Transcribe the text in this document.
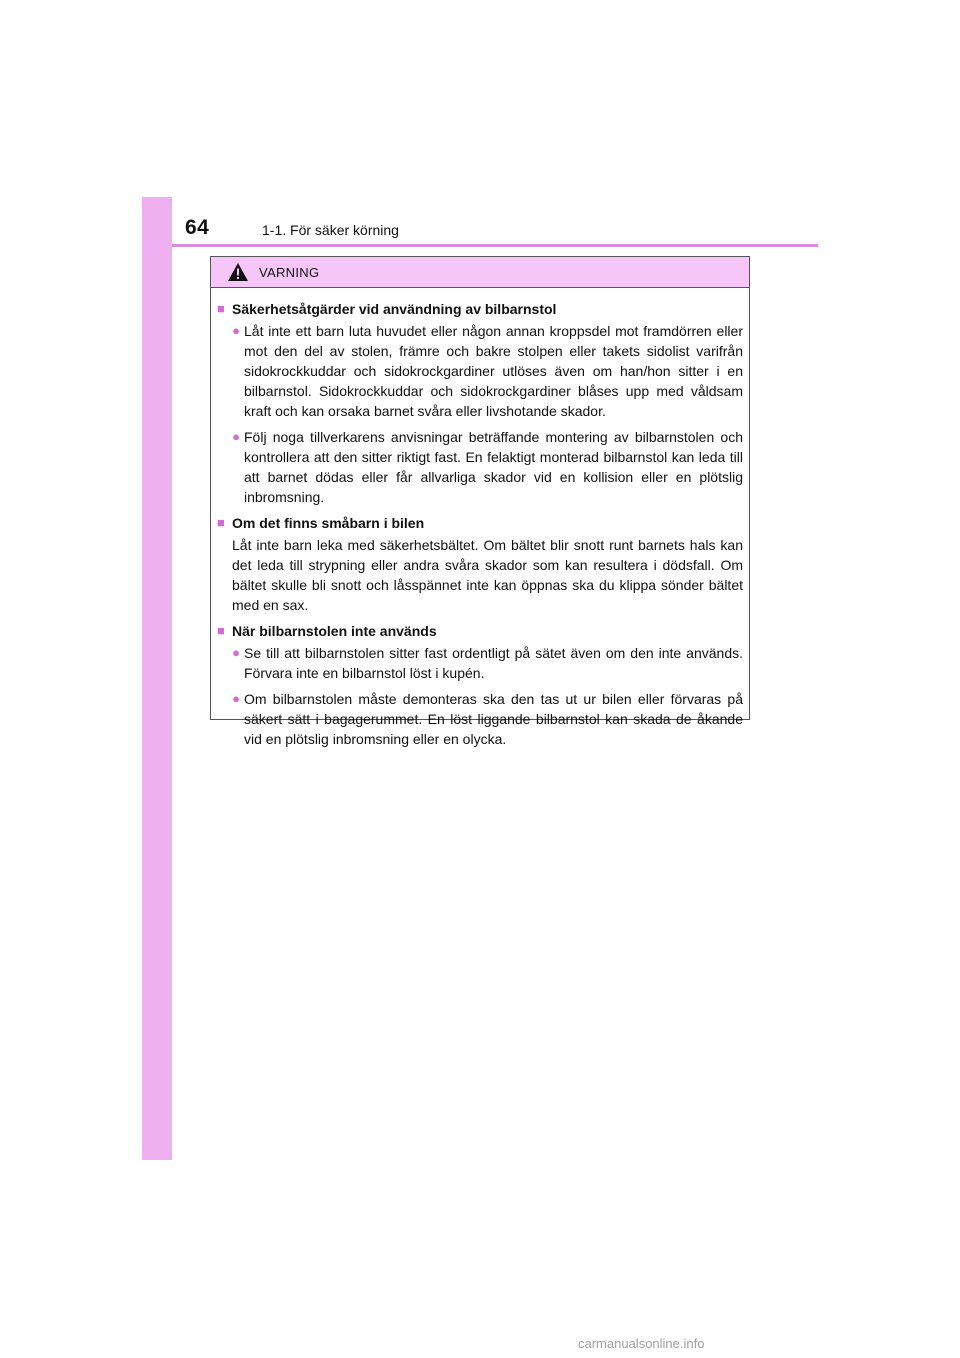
64	1-1. För säker körning
VARNING
■ Säkerhetsåtgärder vid användning av bilbarnstol
● Låt inte ett barn luta huvudet eller någon annan kroppsdel mot framdörren eller mot den del av stolen, främre och bakre stolpen eller takets sidolist varifrån sidokrockkuddar och sidokrockgardiner utlöses även om han/hon sitter i en bilbarnstol. Sidokrockkuddar och sidokrockgardiner blåses upp med våldsam kraft och kan orsaka barnet svåra eller livshotande skador.
● Följ noga tillverkarens anvisningar beträffande montering av bilbarnstolen och kontrollera att den sitter riktigt fast. En felaktigt monterad bilbarnstol kan leda till att barnet dödas eller får allvarliga skador vid en kollision eller en plötslig inbromsning.
■ Om det finns småbarn i bilen
Låt inte barn leka med säkerhetsbältet. Om bältet blir snott runt barnets hals kan det leda till strypning eller andra svåra skador som kan resultera i dödsfall. Om bältet skulle bli snott och låsspännet inte kan öppnas ska du klippa sönder bältet med en sax.
■ När bilbarnstolen inte används
● Se till att bilbarnstolen sitter fast ordentligt på sätet även om den inte används. Förvara inte en bilbarnstol löst i kupén.
● Om bilbarnstolen måste demonteras ska den tas ut ur bilen eller förvaras på säkert sätt i bagagerummet. En löst liggande bilbarnstol kan skada de åkande vid en plötslig inbromsning eller en olycka.
carmanualsonline.info
